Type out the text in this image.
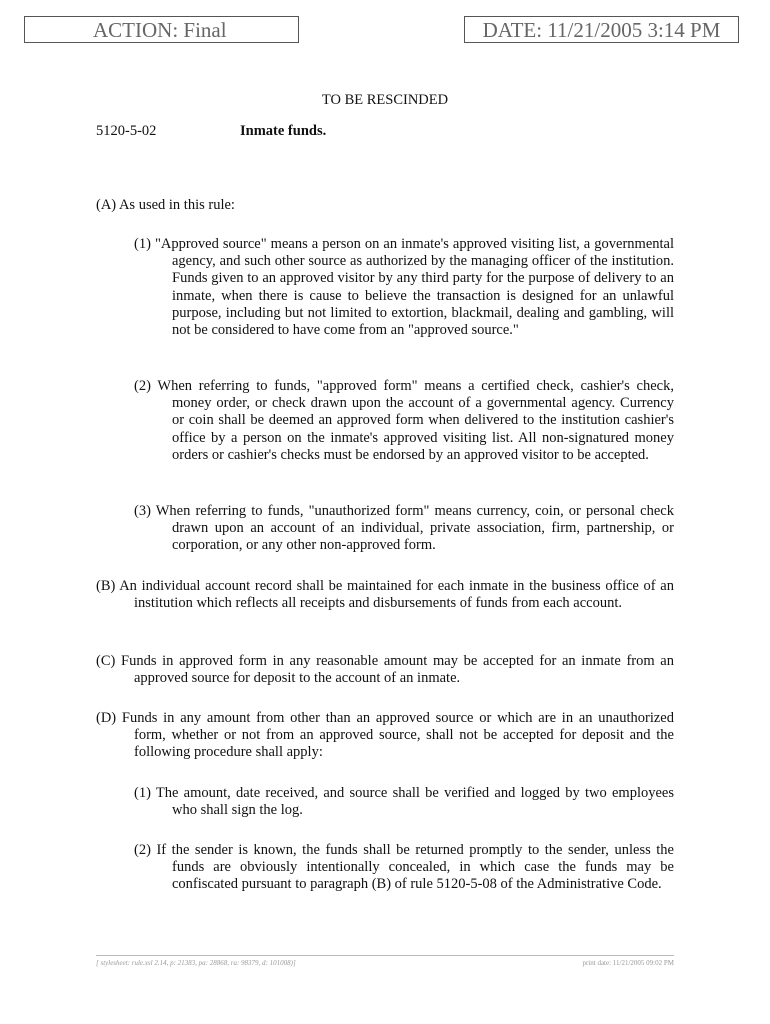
ACTION: Final	DATE: 11/21/2005 3:14 PM
TO BE RESCINDED
5120-5-02	Inmate funds.
(A) As used in this rule:
(1) "Approved source" means a person on an inmate's approved visiting list, a governmental agency, and such other source as authorized by the managing officer of the institution. Funds given to an approved visitor by any third party for the purpose of delivery to an inmate, when there is cause to believe the transaction is designed for an unlawful purpose, including but not limited to extortion, blackmail, dealing and gambling, will not be considered to have come from an "approved source."
(2) When referring to funds, "approved form" means a certified check, cashier's check, money order, or check drawn upon the account of a governmental agency. Currency or coin shall be deemed an approved form when delivered to the institution cashier's office by a person on the inmate's approved visiting list. All non-signatured money orders or cashier's checks must be endorsed by an approved visitor to be accepted.
(3) When referring to funds, "unauthorized form" means currency, coin, or personal check drawn upon an account of an individual, private association, firm, partnership, or corporation, or any other non-approved form.
(B) An individual account record shall be maintained for each inmate in the business office of an institution which reflects all receipts and disbursements of funds from each account.
(C) Funds in approved form in any reasonable amount may be accepted for an inmate from an approved source for deposit to the account of an inmate.
(D) Funds in any amount from other than an approved source or which are in an unauthorized form, whether or not from an approved source, shall not be accepted for deposit and the following procedure shall apply:
(1) The amount, date received, and source shall be verified and logged by two employees who shall sign the log.
(2) If the sender is known, the funds shall be returned promptly to the sender, unless the funds are obviously intentionally concealed, in which case the funds may be confiscated pursuant to paragraph (B) of rule 5120-5-08 of the Administrative Code.
[ stylesheet: rule.xsl 2.14, p: 21383, pa: 28868, ra: 98379, d: 101008)]	print date: 11/21/2005 09:02 PM
